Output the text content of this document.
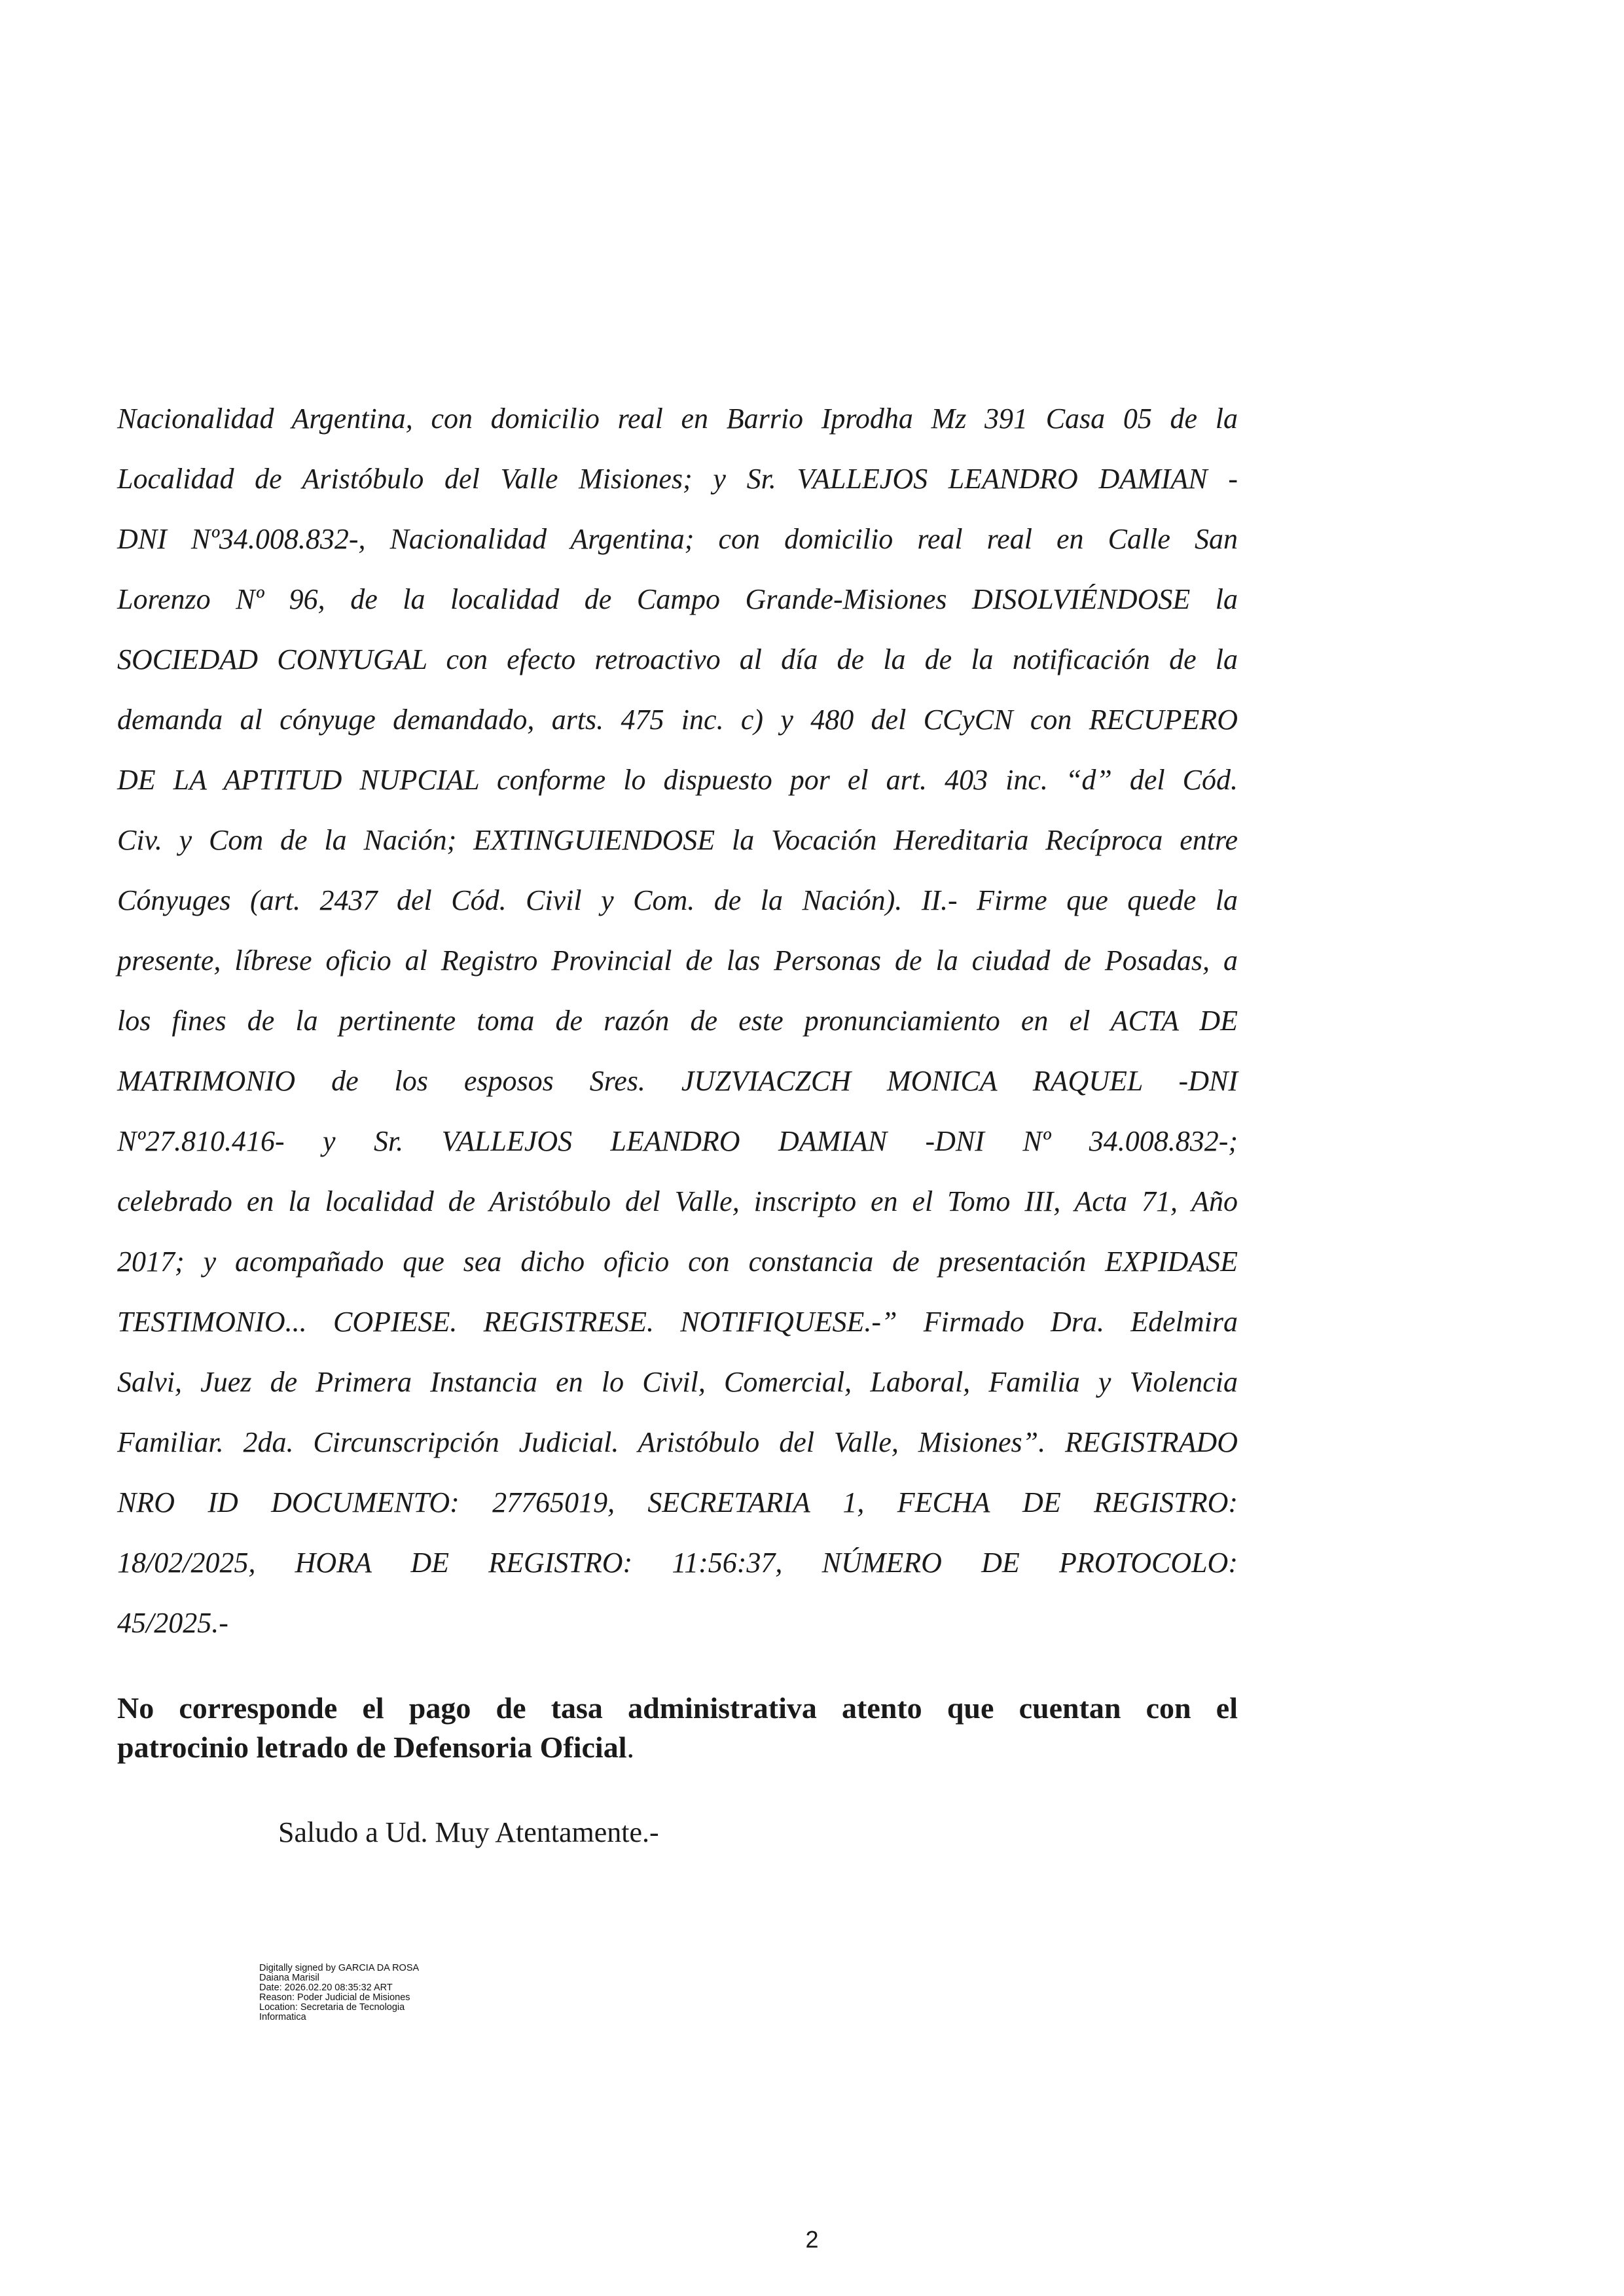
Nacionalidad Argentina, con domicilio real en Barrio Iprodha Mz 391 Casa 05 de la
Localidad de Aristóbulo del Valle Misiones; y Sr. VALLEJOS LEANDRO DAMIAN -
DNI Nº34.008.832-, Nacionalidad Argentina; con domicilio real real en Calle San
Lorenzo Nº 96, de la localidad de Campo Grande-Misiones DISOLVIÉNDOSE la
SOCIEDAD CONYUGAL con efecto retroactivo al día de la de la notificación de la
demanda al cónyuge demandado, arts. 475 inc. c) y 480 del CCyCN con RECUPERO
DE LA APTITUD NUPCIAL conforme lo dispuesto por el art. 403 inc. “d” del Cód.
Civ. y Com de la Nación; EXTINGUIENDOSE la Vocación Hereditaria Recíproca entre
Cónyuges (art. 2437 del Cód. Civil y Com. de la Nación). II.- Firme que quede la
presente, líbrese oficio al Registro Provincial de las Personas de la ciudad de Posadas, a
los fines de la pertinente toma de razón de este pronunciamiento en el ACTA DE
MATRIMONIO de los esposos Sres. JUZVIACZCH MONICA RAQUEL -DNI
Nº27.810.416- y Sr. VALLEJOS LEANDRO DAMIAN -DNI Nº 34.008.832-;
celebrado en la localidad de Aristóbulo del Valle, inscripto en el Tomo III, Acta 71, Año
2017; y acompañado que sea dicho oficio con constancia de presentación EXPIDASE
TESTIMONIO... COPIESE. REGISTRESE. NOTIFIQUESE.-” Firmado Dra. Edelmira
Salvi, Juez de Primera Instancia en lo Civil, Comercial, Laboral, Familia y Violencia
Familiar. 2da. Circunscripción Judicial. Aristóbulo del Valle, Misiones”. REGISTRADO
NRO ID DOCUMENTO: 27765019, SECRETARIA 1, FECHA DE REGISTRO:
18/02/2025, HORA DE REGISTRO: 11:56:37, NÚMERO DE PROTOCOLO:
45/2025.-
No corresponde el pago de tasa administrativa atento que cuentan con el
patrocinio letrado de Defensoria Oficial.
Saludo a Ud. Muy Atentamente.-
Digitally signed by GARCIA DA ROSA
Daiana Marisil
Date: 2026.02.20 08:35:32 ART
Reason: Poder Judicial de Misiones
Location: Secretaria de Tecnologia
Informatica
2
